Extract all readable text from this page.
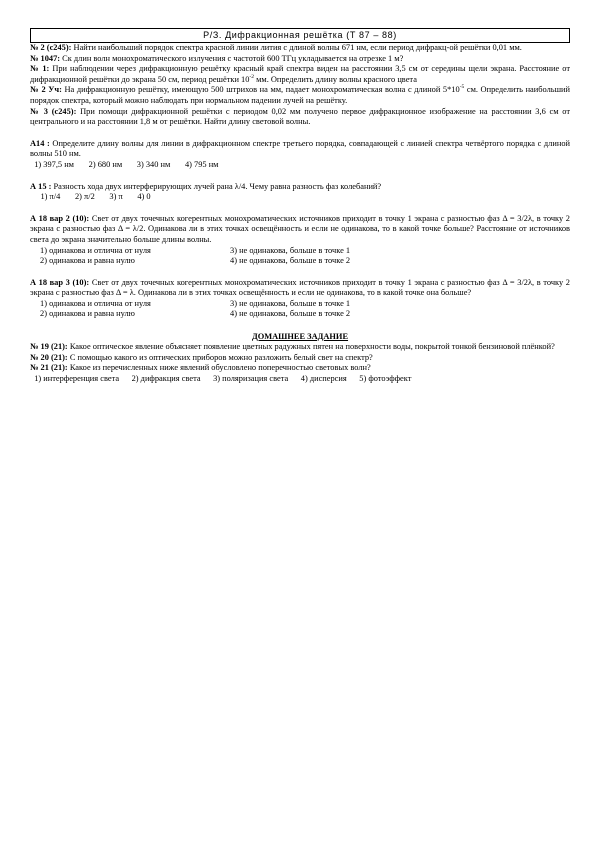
Р/З. Дифракционная решётка (Т 87 – 88)

№ 2 (с245): Найти наибольший порядок спектра красной линии лития с длиной волны 671 нм, если период дифракц-ой решётки 0,01 мм.

№ 1047: Ск длин волн монохроматического излучения с частотой 600 ТГц укладывается на отрезке 1 м?

№ 1: При наблюдении через дифракционную решётку красный край спектра виден на расстоянии 3,5 см от середины щели экрана. Расстояние от дифракционной решётки до экрана 50 см, период решётки $10^{-2}$ мм. Определить длину волны красного цвета

№ 2 Уч: На дифракционную решётку, имеющую 500 штрихов на мм, падает монохроматическая волна с длиной $5*10^{-5}$ см. Определить наибольший порядок спектра, который можно наблюдать при нормальном падении лучей на решётку.

№ 3 (с245): При помощи дифракционной решётки с периодом 0,02 мм получено первое дифракционное изображение на расстоянии 3,6 см от центрального и на расстоянии 1,8 м от решётки. Найти длину световой волны.

А14 : Определите длину волны для линии в дифракционном спектре третьего порядка, совпадающей с линией спектра четвёртого порядка с длиной волны 510 нм.

1) 397,5 нм       2) 680 нм       3) 340 нм       4) 795 нм

А 15 : Разность хода двух интерферирующих лучей рана λ/4. Чему равна разность фаз колебаний?

1) π/4       2) π/2       3) π       4) 0

А 18 вар 2 (10): Свет от двух точечных когерентных монохроматических источников приходит в точку 1 экрана с разностью фаз Δ = 3/2λ, в точку 2 экрана с разностью фаз Δ = λ/2. Одинакова ли в этих точках освещённость и если не одинакова, то в какой точке больше? Расстояние от источников света до экрана значительно больше длины волны.

1) одинакова и отлична от нуля	3) не одинакова, больше в точке 1
2) одинакова и равна нулю	4) не одинакова, больше в точке 2

А 18 вар 3 (10): Свет от двух точечных когерентных монохроматических источников приходит в точку 1 экрана с разностью фаз Δ = 3/2λ, в точку 2 экрана с разностью фаз Δ = λ. Одинакова ли в этих точках освещённость и если не одинакова, то в какой точке она больше?

1) одинакова и отлична от нуля	3) не одинакова, больше в точке 1
2) одинакова и равна нулю	4) не одинакова, больше в точке 2

ДОМАШНЕЕ ЗАДАНИЕ

№ 19 (21): Какое оптическое явление объясняет появление цветных радужных пятен на поверхности воды, покрытой тонкой бензиновой плёнкой?

№ 20 (21): С помощью какого из оптических приборов можно разложить белый свет на спектр?

№ 21 (21): Какое из перечисленных ниже явлений обусловлено поперечностью световых волн?

1) интерференция света      2) дифракция света      3) поляризация света      4) дисперсия      5) фотоэффект
